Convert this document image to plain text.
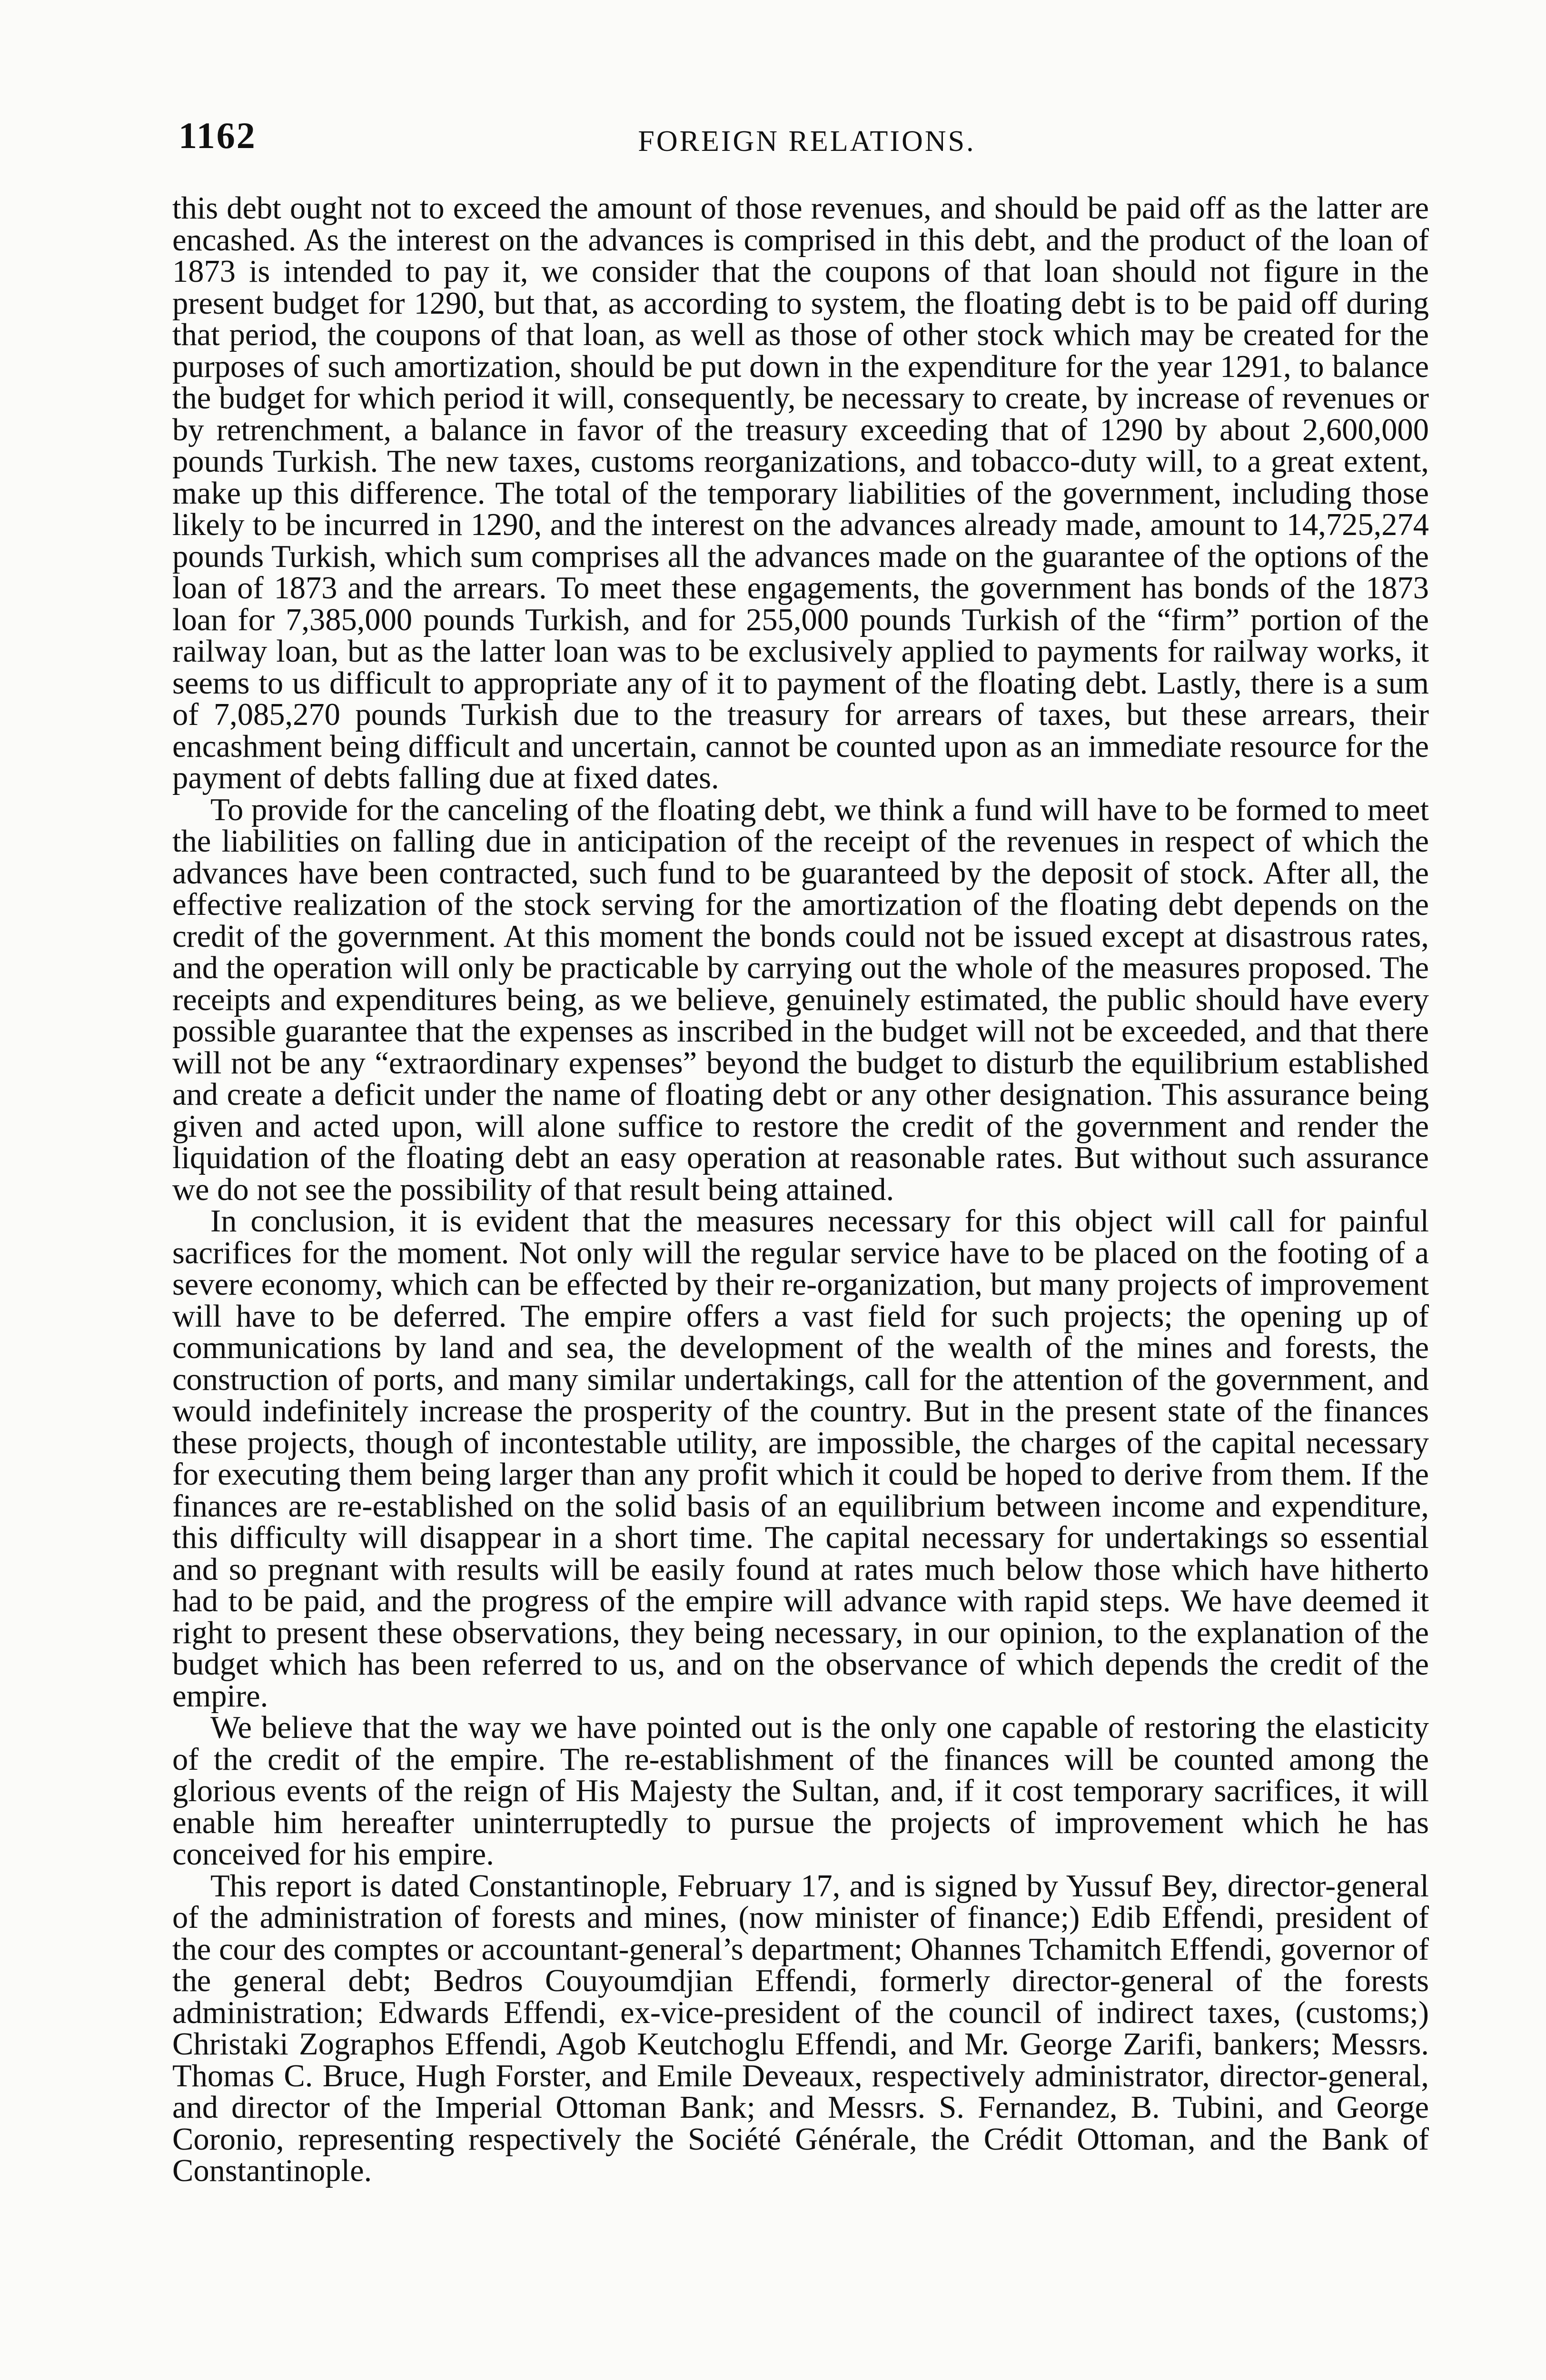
1162	FOREIGN RELATIONS.

this debt ought not to exceed the amount of those revenues, and should be paid off as the latter are encashed. As the interest on the advances is comprised in this debt, and the product of the loan of 1873 is intended to pay it, we consider that the coupons of that loan should not figure in the present budget for 1290, but that, as according to system, the floating debt is to be paid off during that period, the coupons of that loan, as well as those of other stock which may be created for the purposes of such amortization, should be put down in the expenditure for the year 1291, to balance the budget for which period it will, consequently, be necessary to create, by increase of revenues or by retrenchment, a balance in favor of the treasury exceeding that of 1290 by about 2,600,000 pounds Turkish. The new taxes, customs reorganizations, and tobacco-duty will, to a great extent, make up this difference. The total of the temporary liabilities of the government, including those likely to be incurred in 1290, and the interest on the advances already made, amount to 14,725,274 pounds Turkish, which sum comprises all the advances made on the guarantee of the options of the loan of 1873 and the arrears. To meet these engagements, the government has bonds of the 1873 loan for 7,385,000 pounds Turkish, and for 255,000 pounds Turkish of the “firm” portion of the railway loan, but as the latter loan was to be exclusively applied to payments for railway works, it seems to us difficult to appropriate any of it to payment of the floating debt. Lastly, there is a sum of 7,085,270 pounds Turkish due to the treasury for arrears of taxes, but these arrears, their encashment being difficult and uncertain, cannot be counted upon as an immediate resource for the payment of debts falling due at fixed dates.

To provide for the canceling of the floating debt, we think a fund will have to be formed to meet the liabilities on falling due in anticipation of the receipt of the revenues in respect of which the advances have been contracted, such fund to be guaranteed by the deposit of stock. After all, the effective realization of the stock serving for the amortization of the floating debt depends on the credit of the government. At this moment the bonds could not be issued except at disastrous rates, and the operation will only be practicable by carrying out the whole of the measures proposed. The receipts and expenditures being, as we believe, genuinely estimated, the public should have every possible guarantee that the expenses as inscribed in the budget will not be exceeded, and that there will not be any “extraordinary expenses” beyond the budget to disturb the equilibrium established and create a deficit under the name of floating debt or any other designation. This assurance being given and acted upon, will alone suffice to restore the credit of the government and render the liquidation of the floating debt an easy operation at reasonable rates. But without such assurance we do not see the possibility of that result being attained.

In conclusion, it is evident that the measures necessary for this object will call for painful sacrifices for the moment. Not only will the regular service have to be placed on the footing of a severe economy, which can be effected by their re-organization, but many projects of improvement will have to be deferred. The empire offers a vast field for such projects; the opening up of communications by land and sea, the development of the wealth of the mines and forests, the construction of ports, and many similar undertakings, call for the attention of the government, and would indefinitely increase the prosperity of the country. But in the present state of the finances these projects, though of incontestable utility, are impossible, the charges of the capital necessary for executing them being larger than any profit which it could be hoped to derive from them. If the finances are re-established on the solid basis of an equilibrium between income and expenditure, this difficulty will disappear in a short time. The capital necessary for undertakings so essential and so pregnant with results will be easily found at rates much below those which have hitherto had to be paid, and the progress of the empire will advance with rapid steps. We have deemed it right to present these observations, they being necessary, in our opinion, to the explanation of the budget which has been referred to us, and on the observance of which depends the credit of the empire.

We believe that the way we have pointed out is the only one capable of restoring the elasticity of the credit of the empire. The re-establishment of the finances will be counted among the glorious events of the reign of His Majesty the Sultan, and, if it cost temporary sacrifices, it will enable him hereafter uninterruptedly to pursue the projects of improvement which he has conceived for his empire.

This report is dated Constantinople, February 17, and is signed by Yussuf Bey, director-general of the administration of forests and mines, (now minister of finance;) Edib Effendi, president of the cour des comptes or accountant-general’s department; Ohannes Tchamitch Effendi, governor of the general debt; Bedros Couyoumdjian Effendi, formerly director-general of the forests administration; Edwards Effendi, ex-vice-president of the council of indirect taxes, (customs;) Christaki Zographos Effendi, Agob Keutchoglu Effendi, and Mr. George Zarifi, bankers; Messrs. Thomas C. Bruce, Hugh Forster, and Emile Deveaux, respectively administrator, director-general, and director of the Imperial Ottoman Bank; and Messrs. S. Fernandez, B. Tubini, and George Coronio, representing respectively the Société Générale, the Crédit Ottoman, and the Bank of Constantinople.
